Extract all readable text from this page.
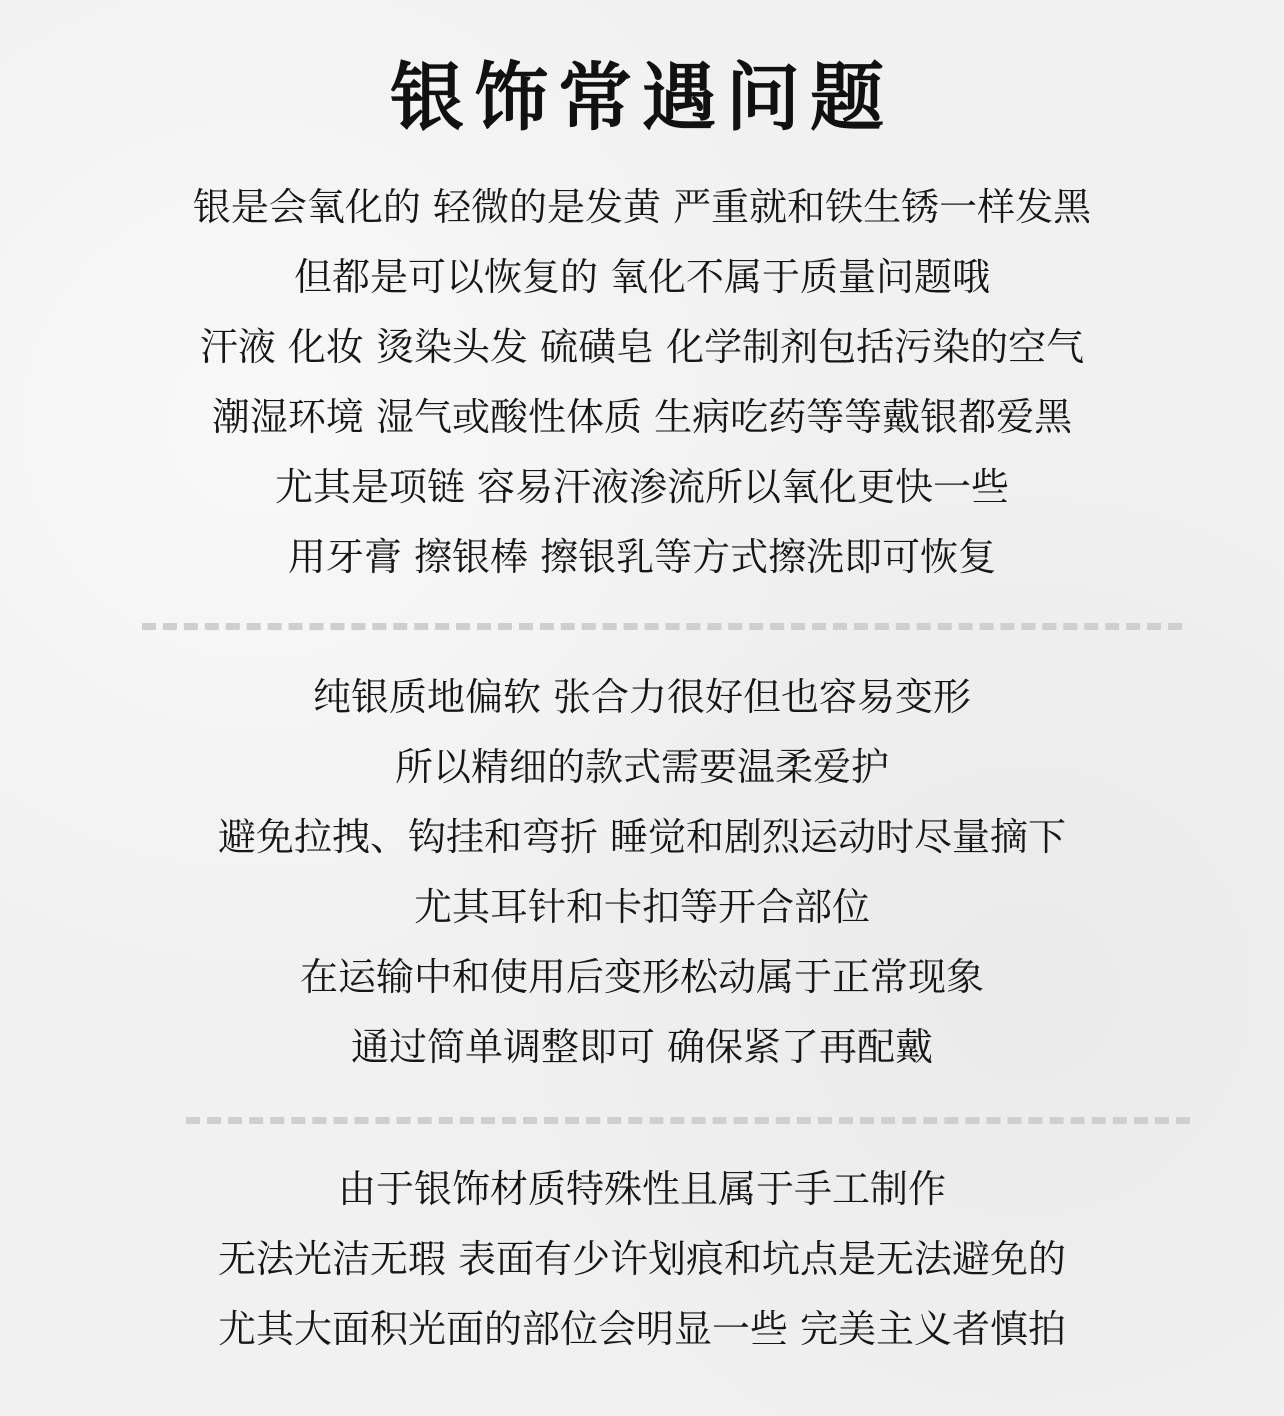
银饰常遇问题
银是会氧化的 轻微的是发黄 严重就和铁生锈一样发黑
但都是可以恢复的 氧化不属于质量问题哦
汗液 化妆 烫染头发 硫磺皂 化学制剂包括污染的空气
潮湿环境 湿气或酸性体质 生病吃药等等戴银都爱黑
尤其是项链 容易汗液渗流所以氧化更快一些
用牙膏 擦银棒 擦银乳等方式擦洗即可恢复
纯银质地偏软 张合力很好但也容易变形
所以精细的款式需要温柔爱护
避免拉拽、钩挂和弯折 睡觉和剧烈运动时尽量摘下
尤其耳针和卡扣等开合部位
在运输中和使用后变形松动属于正常现象
通过简单调整即可 确保紧了再配戴
由于银饰材质特殊性且属于手工制作
无法光洁无瑕 表面有少许划痕和坑点是无法避免的
尤其大面积光面的部位会明显一些 完美主义者慎拍
